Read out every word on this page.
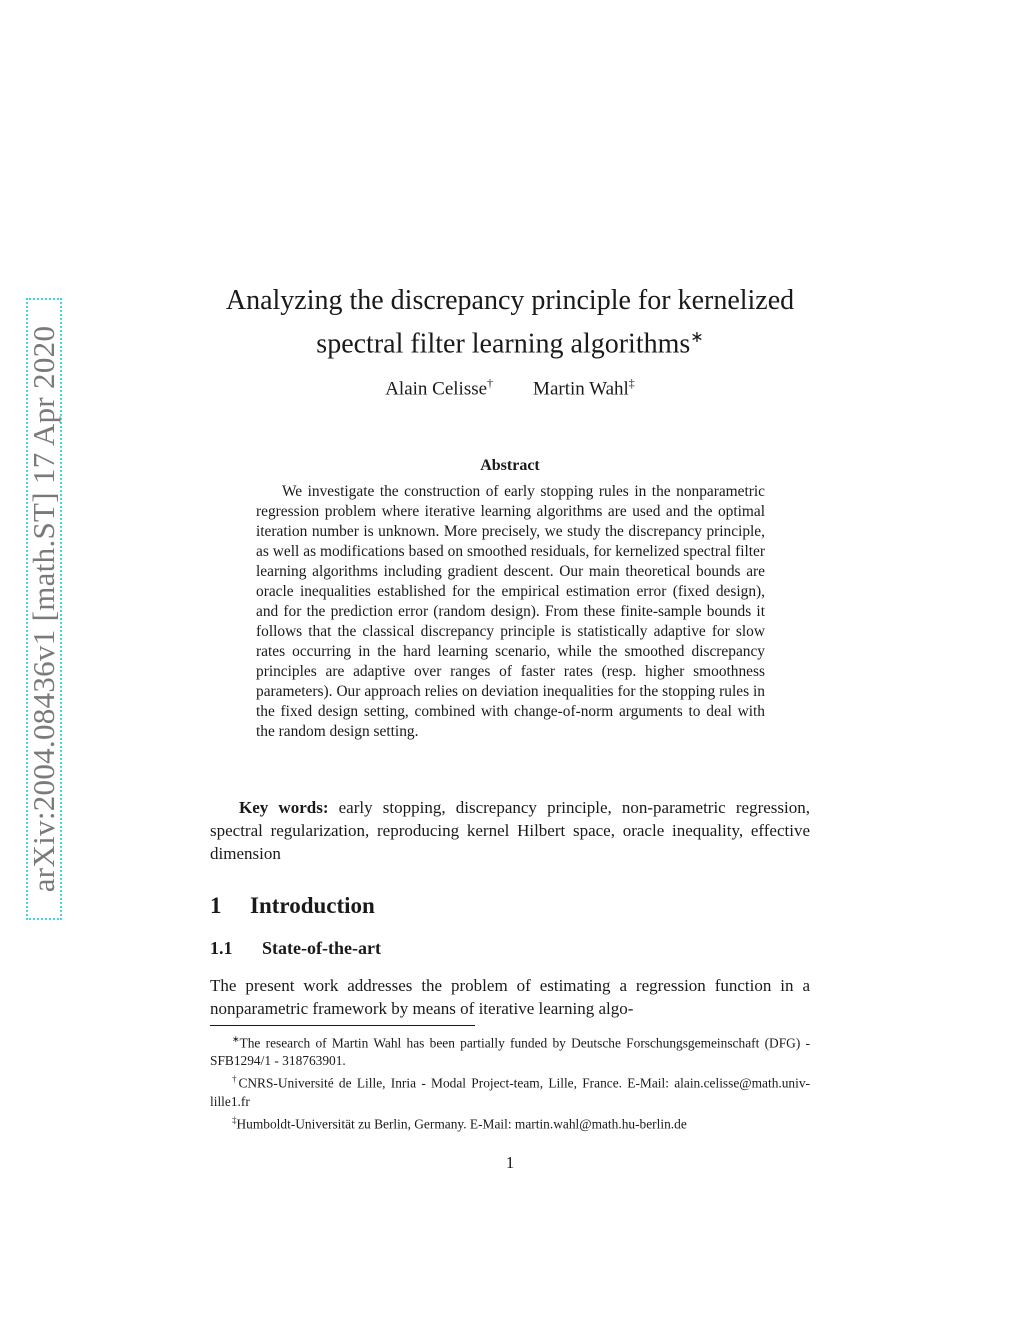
arXiv:2004.08436v1 [math.ST] 17 Apr 2020
Analyzing the discrepancy principle for kernelized
spectral filter learning algorithms∗
Alain Celisse† Martin Wahl‡
Abstract

We investigate the construction of early stopping rules in the nonparametric regression problem where iterative learning algorithms are used and the optimal iteration number is unknown. More precisely, we study the discrepancy principle, as well as modifications based on smoothed residuals, for kernelized spectral filter learning algorithms including gradient descent. Our main theoretical bounds are oracle inequalities established for the empirical estimation error (fixed design), and for the prediction error (random design). From these finite-sample bounds it follows that the classical discrepancy principle is statistically adaptive for slow rates occurring in the hard learning scenario, while the smoothed discrepancy principles are adaptive over ranges of faster rates (resp. higher smoothness parameters). Our approach relies on deviation inequalities for the stopping rules in the fixed design setting, combined with change-of-norm arguments to deal with the random design setting.

Key words: early stopping, discrepancy principle, non-parametric regression, spectral regularization, reproducing kernel Hilbert space, oracle inequality, effective dimension

1 Introduction
1.1 State-of-the-art

The present work addresses the problem of estimating a regression function in a nonparametric framework by means of iterative learning algo-

∗The research of Martin Wahl has been partially funded by Deutsche Forschungsgemeinschaft (DFG) - SFB1294/1 - 318763901.

†CNRS-Université de Lille, Inria - Modal Project-team, Lille, France. E-Mail: alain.celisse@math.univ-lille1.fr

‡Humboldt-Universität zu Berlin, Germany. E-Mail: martin.wahl@math.hu-berlin.de

1
